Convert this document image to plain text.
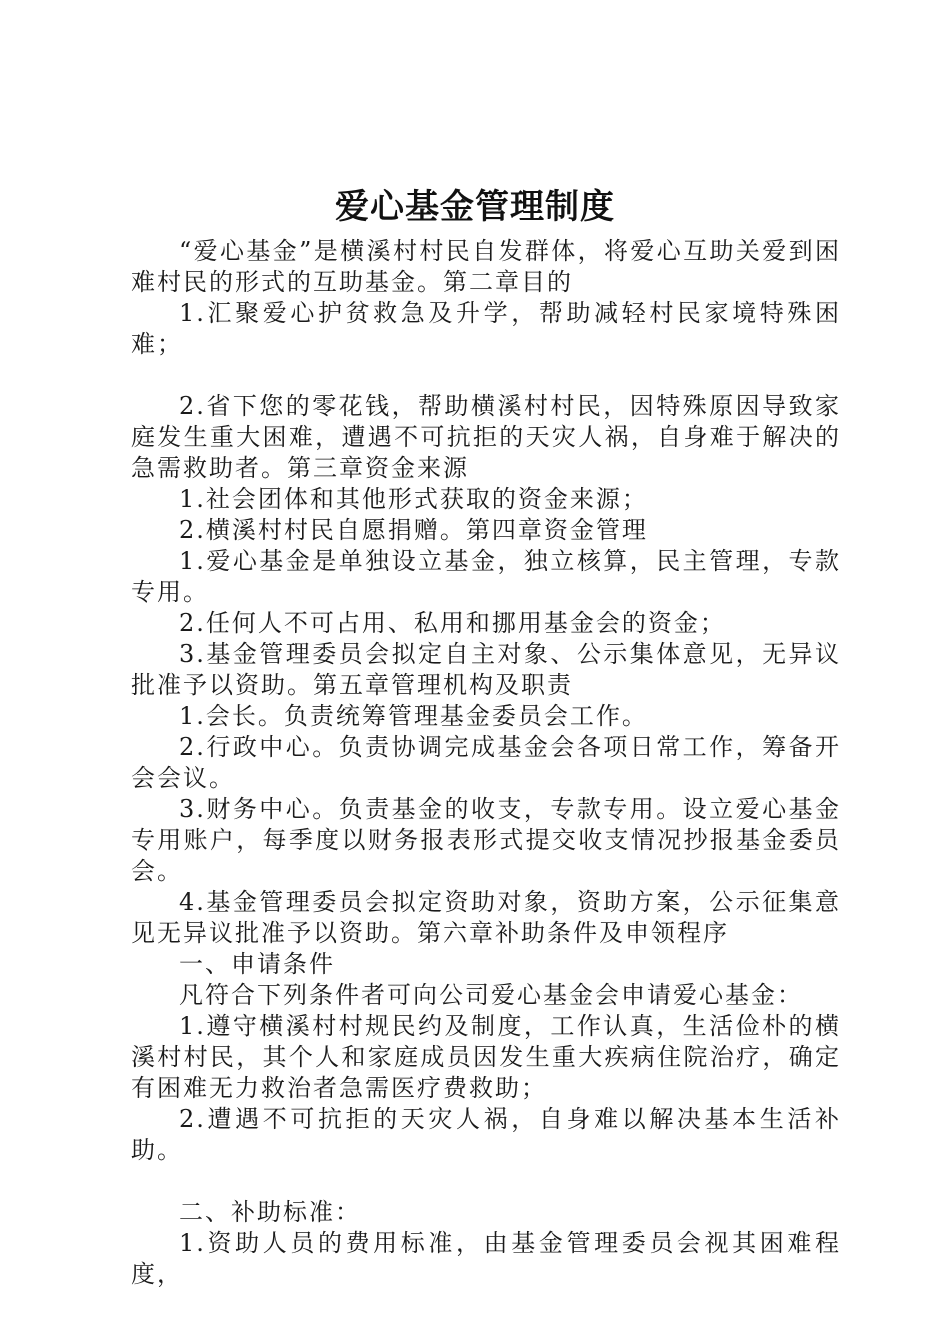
爱心基金管理制度

“爱心基金”是横溪村村民自发群体，将爱心互助关爱到困难村民的形式的互助基金。第二章目的

1.汇聚爱心护贫救急及升学，帮助减轻村民家境特殊困难；

2.省下您的零花钱，帮助横溪村村民，因特殊原因导致家庭发生重大困难，遭遇不可抗拒的天灾人祸，自身难于解决的急需救助者。第三章资金来源

1.社会团体和其他形式获取的资金来源；

2.横溪村村民自愿捐赠。第四章资金管理

1.爱心基金是单独设立基金，独立核算，民主管理，专款专用。

2.任何人不可占用、私用和挪用基金会的资金；

3.基金管理委员会拟定自主对象、公示集体意见，无异议批准予以资助。第五章管理机构及职责

1.会长。负责统筹管理基金委员会工作。

2.行政中心。负责协调完成基金会各项日常工作，筹备开会会议。

3.财务中心。负责基金的收支，专款专用。设立爱心基金专用账户，每季度以财务报表形式提交收支情况抄报基金委员会。

4.基金管理委员会拟定资助对象，资助方案，公示征集意见无异议批准予以资助。第六章补助条件及申领程序

一、申请条件

凡符合下列条件者可向公司爱心基金会申请爱心基金：

1.遵守横溪村村规民约及制度，工作认真，生活俭朴的横溪村村民，其个人和家庭成员因发生重大疾病住院治疗，确定有困难无力救治者急需医疗费救助；

2.遭遇不可抗拒的天灾人祸，自身难以解决基本生活补助。

二、补助标准：

1.资助人员的费用标准，由基金管理委员会视其困难程度，
